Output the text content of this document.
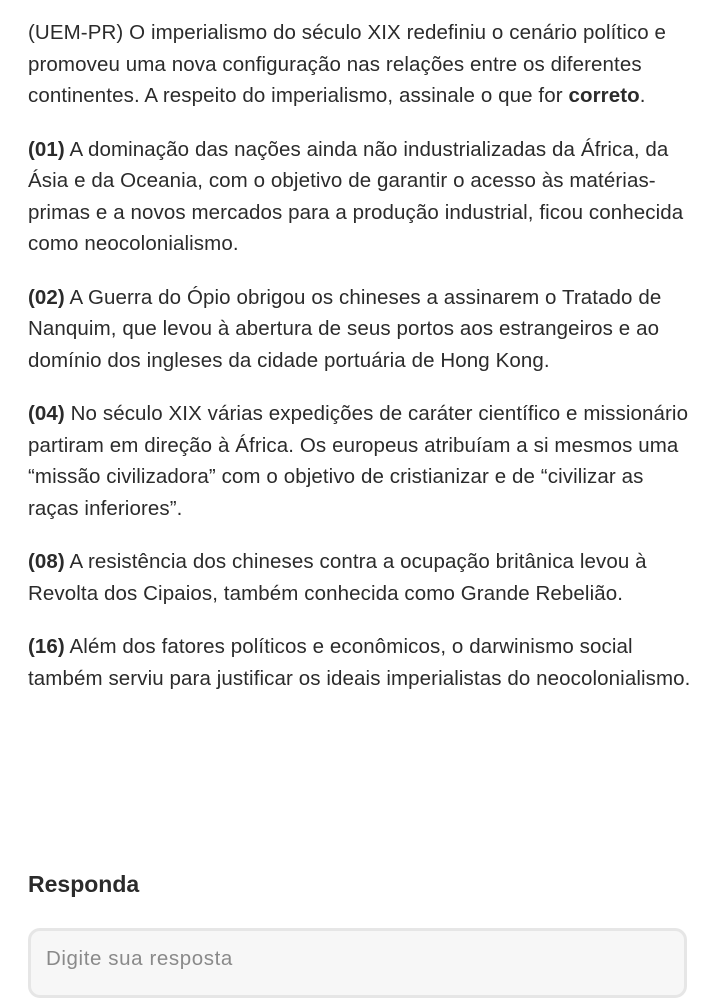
(UEM-PR) O imperialismo do século XIX redefiniu o cenário político e promoveu uma nova configuração nas relações entre os diferentes continentes. A respeito do imperialismo, assinale o que for correto.

(01) A dominação das nações ainda não industrializadas da África, da Ásia e da Oceania, com o objetivo de garantir o acesso às matérias-primas e a novos mercados para a produção industrial, ficou conhecida como neocolonialismo.

(02) A Guerra do Ópio obrigou os chineses a assinarem o Tratado de Nanquim, que levou à abertura de seus portos aos estrangeiros e ao domínio dos ingleses da cidade portuária de Hong Kong.

(04) No século XIX várias expedições de caráter científico e missionário partiram em direção à África. Os europeus atribuíam a si mesmos uma “missão civilizadora” com o objetivo de cristianizar e de “civilizar as raças inferiores”.

(08) A resistência dos chineses contra a ocupação britânica levou à Revolta dos Cipaios, também conhecida como Grande Rebelião.

(16) Além dos fatores políticos e econômicos, o darwinismo social também serviu para justificar os ideais imperialistas do neocolonialismo.

Responda
Digite sua resposta
